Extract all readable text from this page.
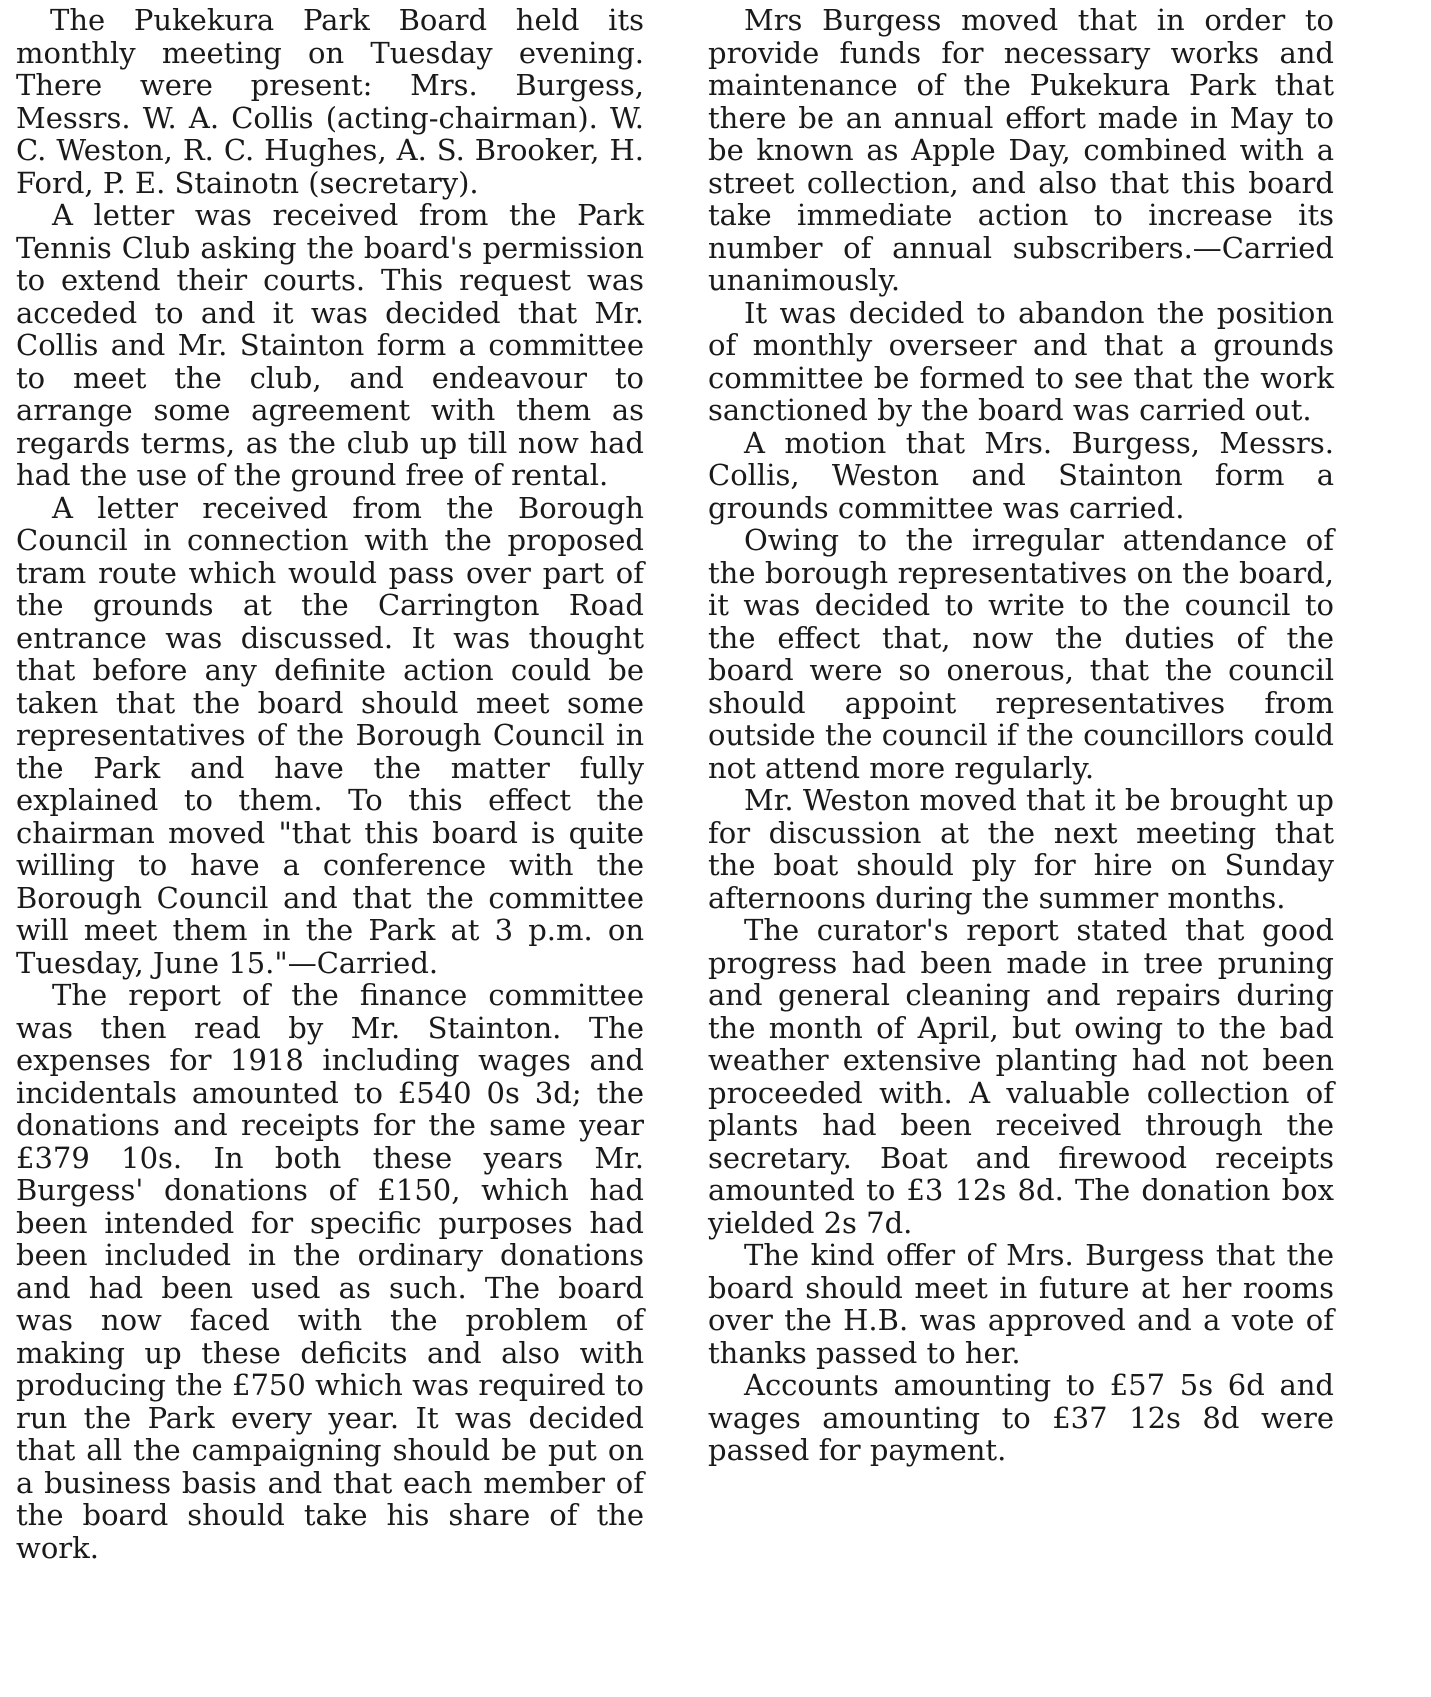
The Pukekura Park Board held its monthly meeting on Tuesday evening. There were present: Mrs. Burgess, Messrs. W. A. Collis (acting-chairman). W. C. Weston, R. C. Hughes, A. S. Brooker, H. Ford, P. E. Stainotn (secretary).

A letter was received from the Park Tennis Club asking the board's permission to extend their courts. This request was acceded to and it was decided that Mr. Collis and Mr. Stainton form a committee to meet the club, and endeavour to arrange some agreement with them as regards terms, as the club up till now had had the use of the ground free of rental.

A letter received from the Borough Council in connection with the proposed tram route which would pass over part of the grounds at the Carrington Road entrance was discussed. It was thought that before any definite action could be taken that the board should meet some representatives of the Borough Council in the Park and have the matter fully explained to them. To this effect the chairman moved "that this board is quite willing to have a conference with the Borough Council and that the committee will meet them in the Park at 3 p.m. on Tuesday, June 15."—Carried.

The report of the finance committee was then read by Mr. Stainton. The expenses for 1918 including wages and incidentals amounted to £540 0s 3d; the donations and receipts for the same year £379 10s. In both these years Mr. Burgess' donations of £150, which had been intended for specific purposes had been included in the ordinary donations and had been used as such. The board was now faced with the problem of making up these deficits and also with producing the £750 which was required to run the Park every year. It was decided that all the campaigning should be put on a business basis and that each member of the board should take his share of the work.

Mrs Burgess moved that in order to provide funds for necessary works and maintenance of the Pukekura Park that there be an annual effort made in May to be known as Apple Day, combined with a street collection, and also that this board take immediate action to increase its number of annual subscribers.—Carried unanimously.

It was decided to abandon the position of monthly overseer and that a grounds committee be formed to see that the work sanctioned by the board was carried out.

A motion that Mrs. Burgess, Messrs. Collis, Weston and Stainton form a grounds committee was carried.

Owing to the irregular attendance of the borough representatives on the board, it was decided to write to the council to the effect that, now the duties of the board were so onerous, that the council should appoint representatives from outside the council if the councillors could not attend more regularly.

Mr. Weston moved that it be brought up for discussion at the next meeting that the boat should ply for hire on Sunday afternoons during the summer months.

The curator's report stated that good progress had been made in tree pruning and general cleaning and repairs during the month of April, but owing to the bad weather extensive planting had not been proceeded with. A valuable collection of plants had been received through the secretary. Boat and firewood receipts amounted to £3 12s 8d. The donation box yielded 2s 7d.

The kind offer of Mrs. Burgess that the board should meet in future at her rooms over the H.B. was approved and a vote of thanks passed to her.

Accounts amounting to £57 5s 6d and wages amounting to £37 12s 8d were passed for payment.
